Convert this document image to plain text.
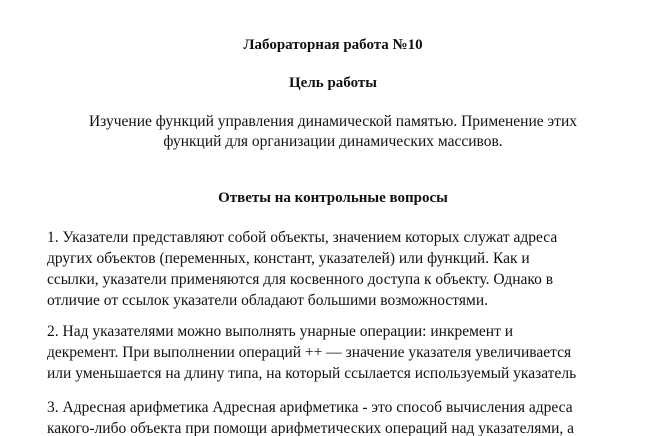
Лабораторная работа №10
Цель работы
Изучение функций управления динамической памятью. Применение этих
функций для организации динамических массивов.
Ответы на контрольные вопросы
1. Указатели представляют собой объекты, значением которых служат адреса
других объектов (переменных, констант, указателей) или функций. Как и
ссылки, указатели применяются для косвенного доступа к объекту. Однако в
отличие от ссылок указатели обладают большими возможностями.
2. Над указателями можно выполнять унарные операции: инкремент и
декремент. При выполнении операций ++ — значение указателя увеличивается
или уменьшается на длину типа, на который ссылается используемый указатель
3. Адресная арифметика Адресная арифметика - это способ вычисления адреса
какого-либо объекта при помощи арифметических операций над указателями, а
